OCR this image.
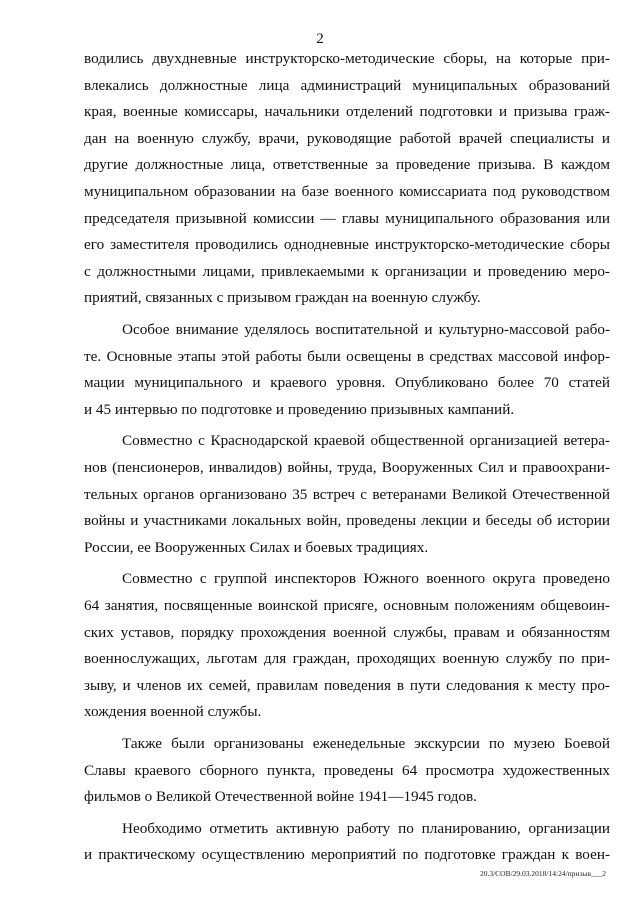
2
водились двухдневные инструкторско-методические сборы, на которые при-
влекались должностные лица администраций муниципальных образований
края, военные комиссары, начальники отделений подготовки и призыва граж-
дан на военную службу, врачи, руководящие работой врачей специалисты и
другие должностные лица, ответственные за проведение призыва. В каждом
муниципальном образовании на базе военного комиссариата под руководством
председателя призывной комиссии — главы муниципального образования или
его заместителя проводились однодневные инструкторско-методические сборы
с должностными лицами, привлекаемыми к организации и проведению меро-
приятий, связанных с призывом граждан на военную службу.
Особое внимание уделялось воспитательной и культурно-массовой рабо-
те. Основные этапы этой работы были освещены в средствах массовой инфор-
мации муниципального и краевого уровня. Опубликовано более 70 статей
и 45 интервью по подготовке и проведению призывных кампаний.
Совместно с Краснодарской краевой общественной организацией ветера-
нов (пенсионеров, инвалидов) войны, труда, Вооруженных Сил и правоохрани-
тельных органов организовано 35 встреч с ветеранами Великой Отечественной
войны и участниками локальных войн, проведены лекции и беседы об истории
России, ее Вооруженных Силах и боевых традициях.
Совместно с группой инспекторов Южного военного округа проведено
64 занятия, посвященные воинской присяге, основным положениям общевоин-
ских уставов, порядку прохождения военной службы, правам и обязанностям
военнослужащих, льготам для граждан, проходящих военную службу по при-
зыву, и членов их семей, правилам поведения в пути следования к месту про-
хождения военной службы.
Также были организованы еженедельные экскурсии по музею Боевой
Славы краевого сборного пункта, проведены 64 просмотра художественных
фильмов о Великой Отечественной войне 1941—1945 годов.
Необходимо отметить активную работу по планированию, организации
и практическому осуществлению мероприятий по подготовке граждан к воен-
20.3/СОВ/29.03.2018/14:24/призыв___2
